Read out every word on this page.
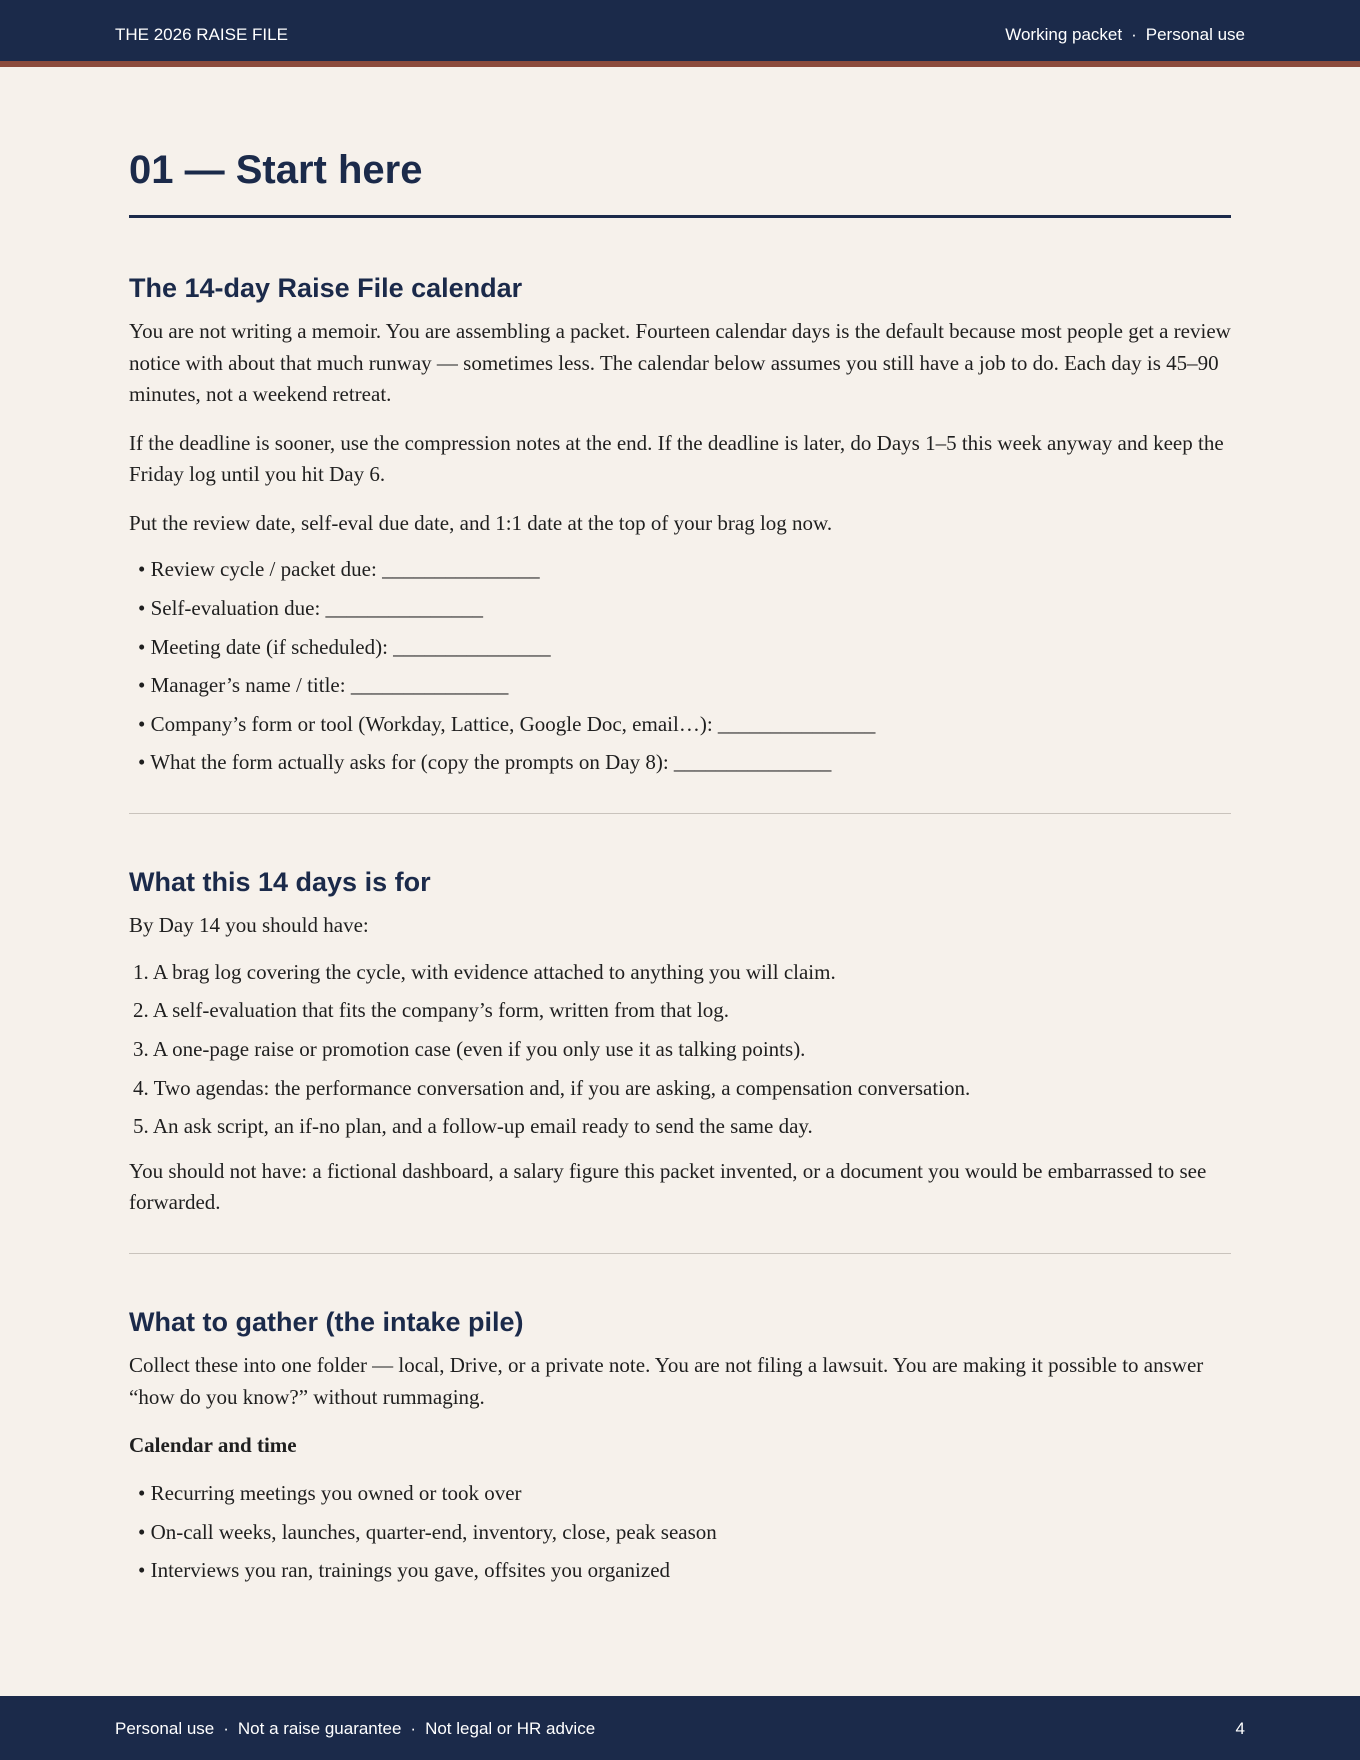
THE 2026 RAISE FILE	Working packet · Personal use
01 — Start here
The 14-day Raise File calendar

You are not writing a memoir. You are assembling a packet. Fourteen calendar days is the default because most people get a review notice with about that much runway — sometimes less. The calendar below assumes you still have a job to do. Each day is 45–90 minutes, not a weekend retreat.

If the deadline is sooner, use the compression notes at the end. If the deadline is later, do Days 1–5 this week anyway and keep the Friday log until you hit Day 6.

Put the review date, self-eval due date, and 1:1 date at the top of your brag log now.

• Review cycle / packet due: _______________
• Self-evaluation due: _______________
• Meeting date (if scheduled): _______________
• Manager’s name / title: _______________
• Company’s form or tool (Workday, Lattice, Google Doc, email…): _______________
• What the form actually asks for (copy the prompts on Day 8): _______________
What this 14 days is for

By Day 14 you should have:

1. A brag log covering the cycle, with evidence attached to anything you will claim.
2. A self-evaluation that fits the company’s form, written from that log.
3. A one-page raise or promotion case (even if you only use it as talking points).
4. Two agendas: the performance conversation and, if you are asking, a compensation conversation.
5. An ask script, an if-no plan, and a follow-up email ready to send the same day.

You should not have: a fictional dashboard, a salary figure this packet invented, or a document you would be embarrassed to see forwarded.

What to gather (the intake pile)

Collect these into one folder — local, Drive, or a private note. You are not filing a lawsuit. You are making it possible to answer “how do you know?” without rummaging.

Calendar and time
• Recurring meetings you owned or took over
• On-call weeks, launches, quarter-end, inventory, close, peak season
• Interviews you ran, trainings you gave, offsites you organized
Personal use · Not a raise guarantee · Not legal or HR advice	4
